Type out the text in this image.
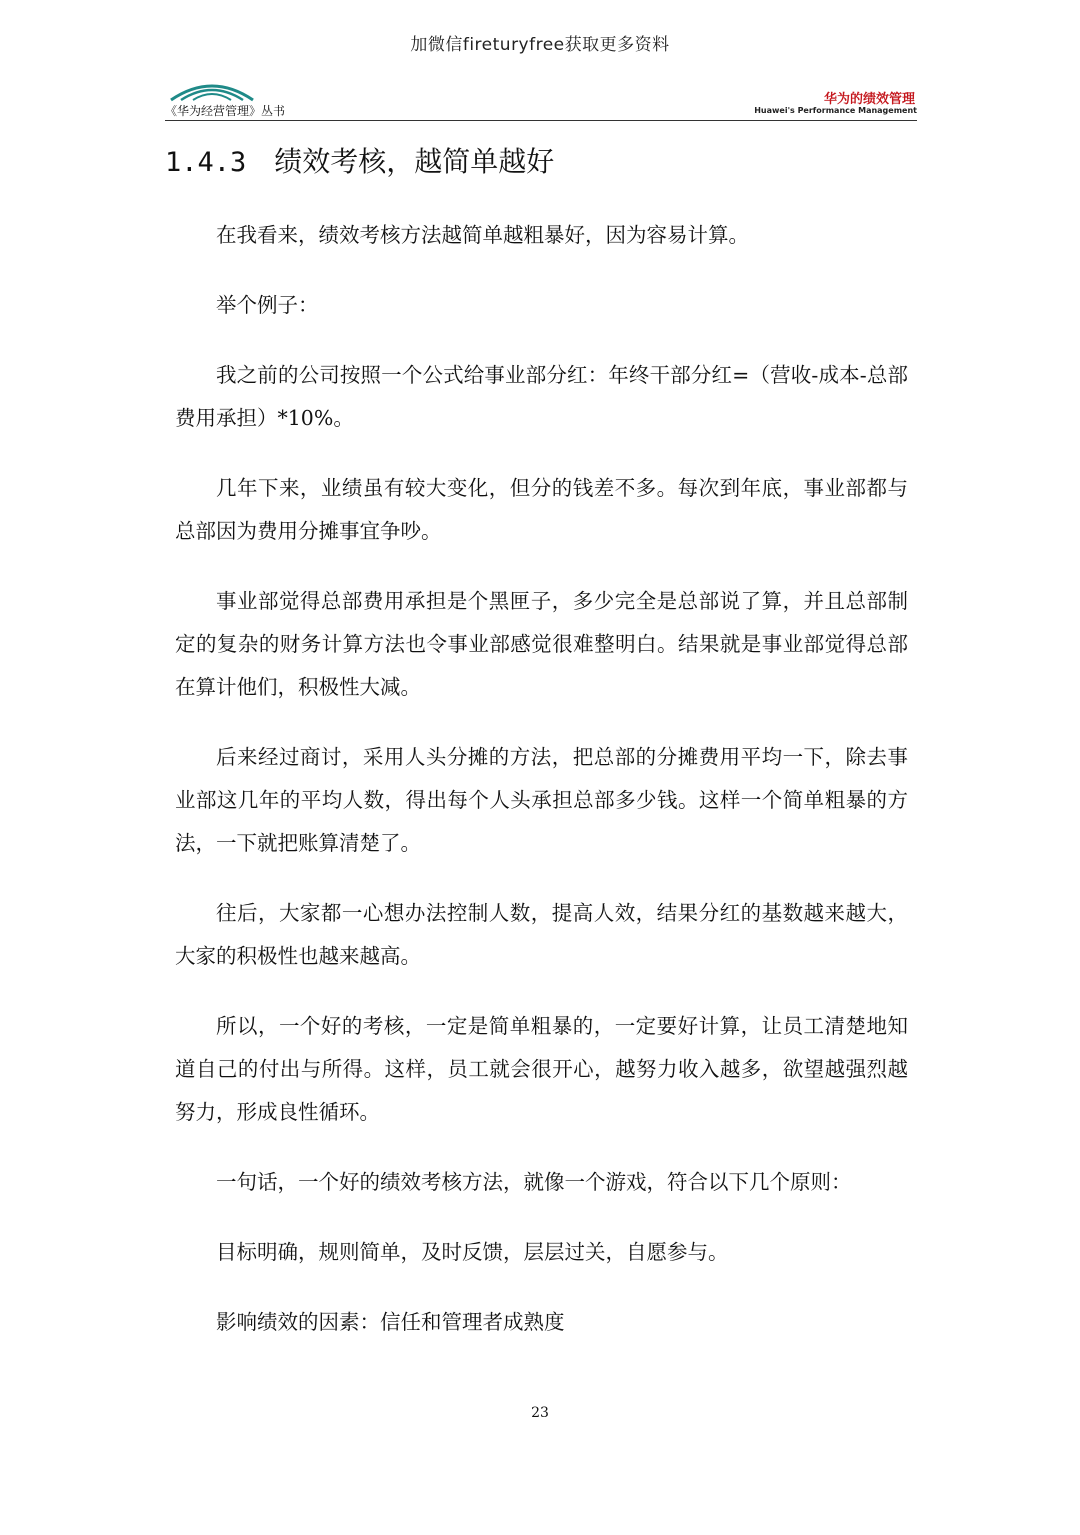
加微信fireturyfree获取更多资料
《华为经营管理》丛书
华为的绩效管理
Huawei's Performance Management
1.4.3 绩效考核，越简单越好

在我看来，绩效考核方法越简单越粗暴好，因为容易计算。

举个例子：

我之前的公司按照一个公式给事业部分红：年终干部分红=（营收-成本-总部费用承担）*10%。

几年下来，业绩虽有较大变化，但分的钱差不多。每次到年底，事业部都与总部因为费用分摊事宜争吵。

事业部觉得总部费用承担是个黑匣子，多少完全是总部说了算，并且总部制定的复杂的财务计算方法也令事业部感觉很难整明白。结果就是事业部觉得总部在算计他们，积极性大减。

后来经过商讨，采用人头分摊的方法，把总部的分摊费用平均一下，除去事业部这几年的平均人数，得出每个人头承担总部多少钱。这样一个简单粗暴的方法，一下就把账算清楚了。

往后，大家都一心想办法控制人数，提高人效，结果分红的基数越来越大，大家的积极性也越来越高。

所以，一个好的考核，一定是简单粗暴的，一定要好计算，让员工清楚地知道自己的付出与所得。这样，员工就会很开心，越努力收入越多，欲望越强烈越努力，形成良性循环。

一句话，一个好的绩效考核方法，就像一个游戏，符合以下几个原则：

目标明确，规则简单，及时反馈，层层过关，自愿参与。

影响绩效的因素：信任和管理者成熟度

23
